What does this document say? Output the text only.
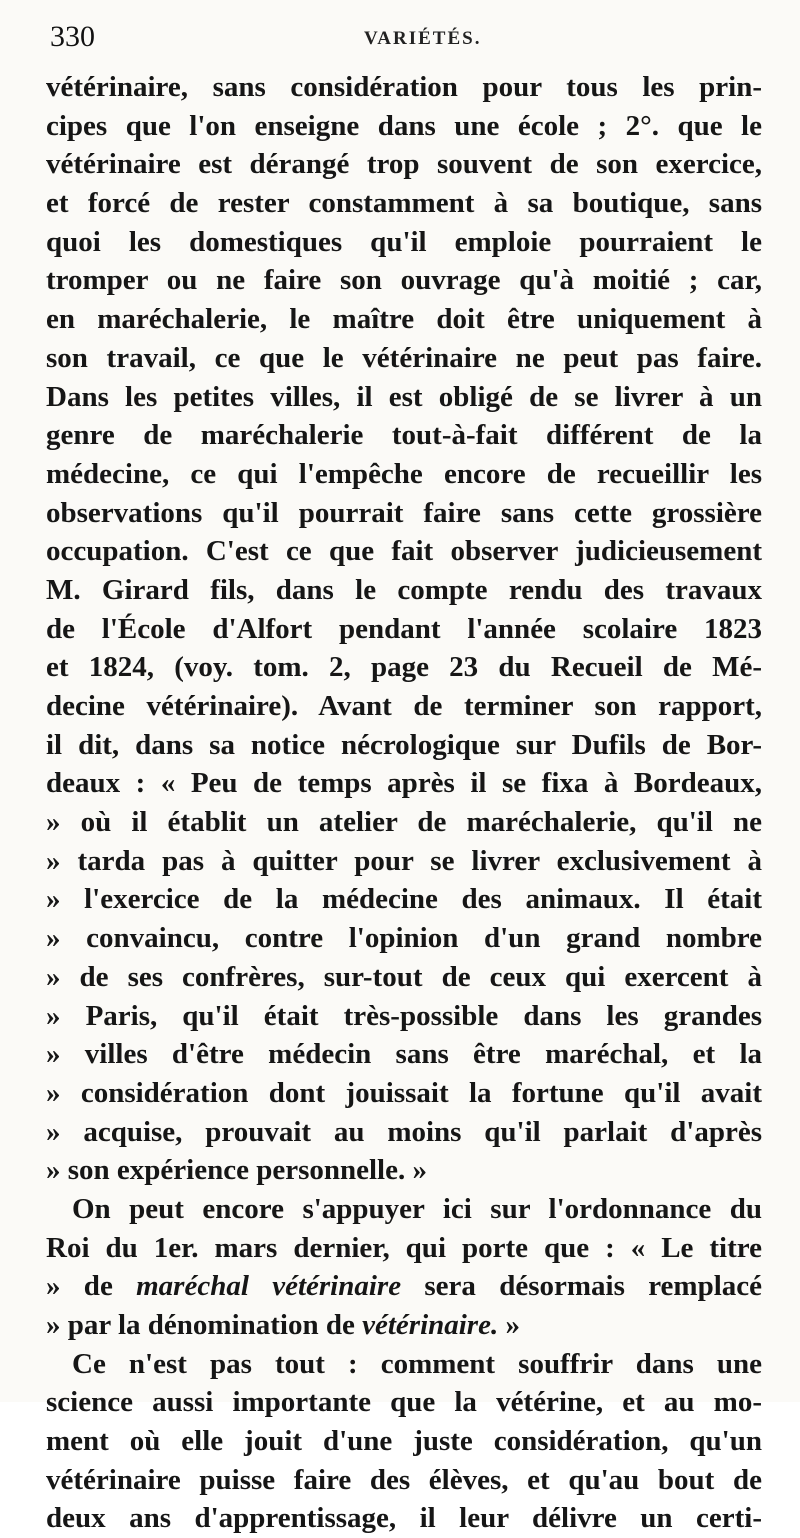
330	VARIÉTÉS.
vétérinaire, sans considération pour tous les prin-
cipes que l'on enseigne dans une école ; 2°. que le
vétérinaire est dérangé trop souvent de son exercice,
et forcé de rester constamment à sa boutique, sans
quoi les domestiques qu'il emploie pourraient le
tromper ou ne faire son ouvrage qu'à moitié ; car,
en maréchalerie, le maître doit être uniquement à
son travail, ce que le vétérinaire ne peut pas faire.
Dans les petites villes, il est obligé de se livrer à un
genre de maréchalerie tout-à-fait différent de la
médecine, ce qui l'empêche encore de recueillir les
observations qu'il pourrait faire sans cette grossière
occupation. C'est ce que fait observer judicieusement
M. Girard fils, dans le compte rendu des travaux
de l'École d'Alfort pendant l'année scolaire 1823
et 1824, (voy. tom. 2, page 23 du Recueil de Mé-
decine vétérinaire). Avant de terminer son rapport,
il dit, dans sa notice nécrologique sur Dufils de Bor-
deaux : « Peu de temps après il se fixa à Bordeaux,
» où il établit un atelier de maréchalerie, qu'il ne
» tarda pas à quitter pour se livrer exclusivement à
» l'exercice de la médecine des animaux. Il était
» convaincu, contre l'opinion d'un grand nombre
» de ses confrères, sur-tout de ceux qui exercent à
» Paris, qu'il était très-possible dans les grandes
» villes d'être médecin sans être maréchal, et la
» considération dont jouissait la fortune qu'il avait
» acquise, prouvait au moins qu'il parlait d'après
» son expérience personnelle. »
On peut encore s'appuyer ici sur l'ordonnance du
Roi du 1er. mars dernier, qui porte que : « Le titre
» de maréchal vétérinaire sera désormais remplacé
» par la dénomination de vétérinaire. »
Ce n'est pas tout : comment souffrir dans une
science aussi importante que la vétérine, et au mo-
ment où elle jouit d'une juste considération, qu'un
vétérinaire puisse faire des élèves, et qu'au bout de
deux ans d'apprentissage, il leur délivre un certi-
